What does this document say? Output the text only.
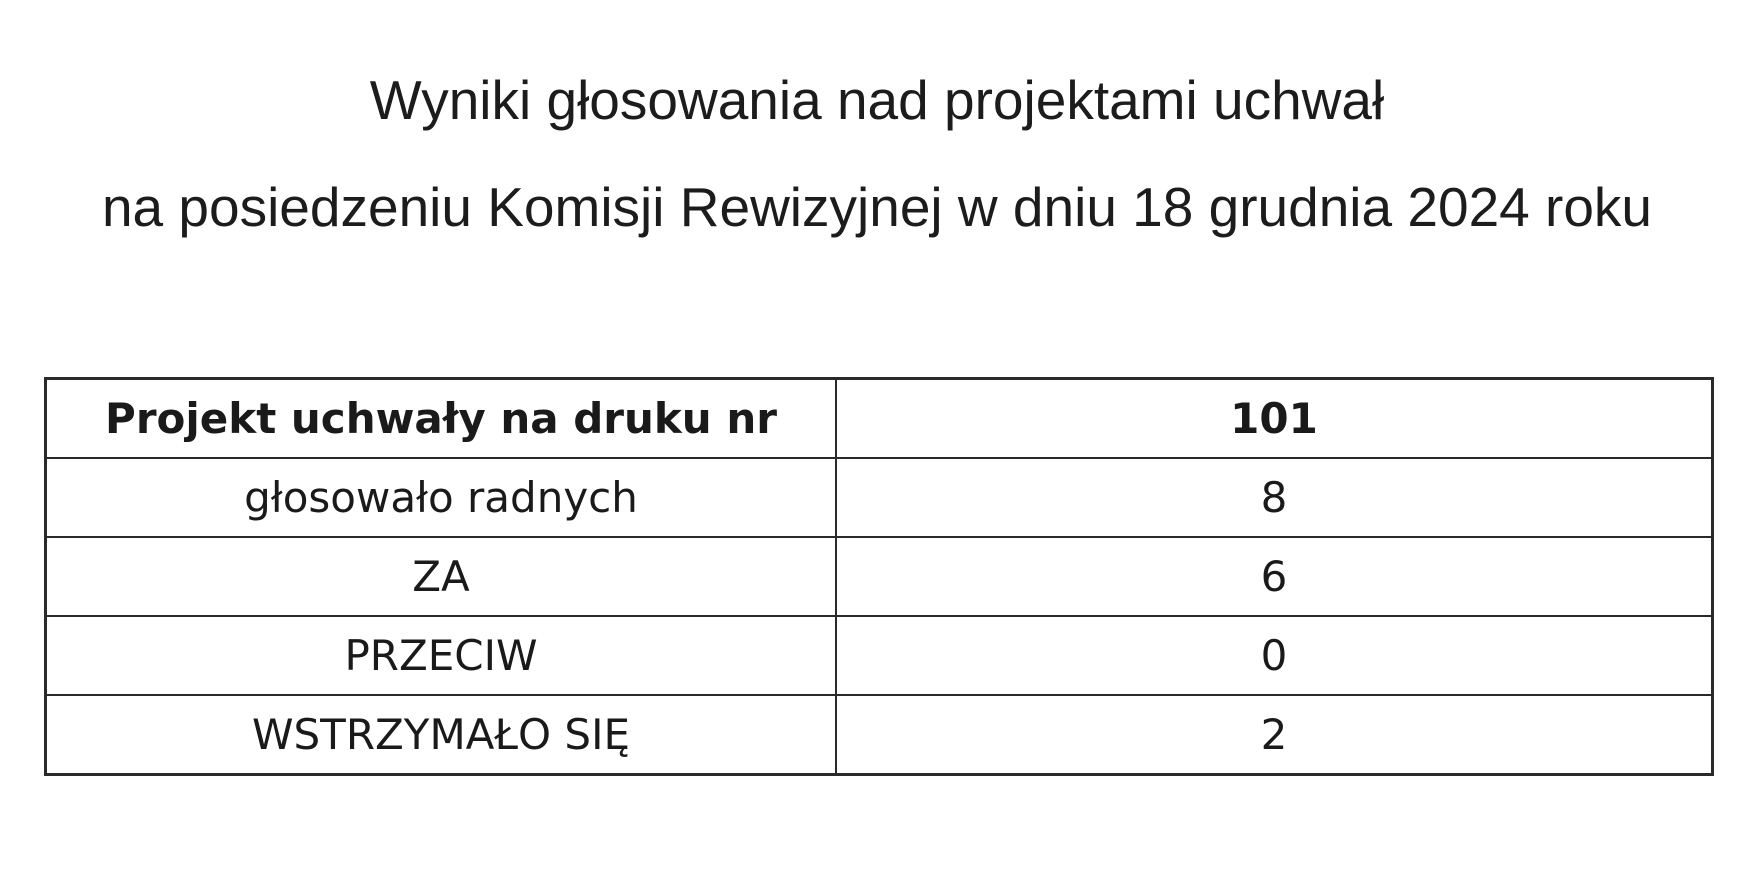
Wyniki głosowania nad projektami uchwał
na posiedzeniu Komisji Rewizyjnej w dniu 18 grudnia 2024 roku
Projekt uchwały na druku nr	101
głosowało radnych	8
ZA	6
PRZECIW	0
WSTRZYMAŁO SIĘ	2
